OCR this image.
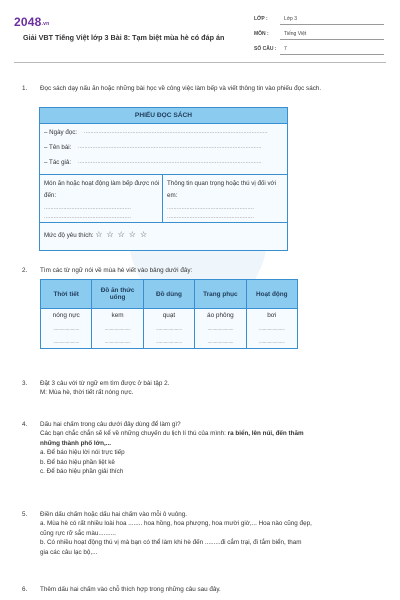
2048.vn
Giải VBT Tiếng Việt lớp 3 Bài 8: Tạm biệt mùa hè có đáp án
LỚP :	Lớp 3
MÔN :	Tiếng Việt
SỐ CÂU : 7
1. Đọc sách dạy nấu ăn hoặc những bài học về công việc làm bếp và viết thông tin vào phiếu đọc sách.
PHIẾU ĐỌC SÁCH
– Ngày đọc: ..................................................................................................................
– Tên bài: ..................................................................................................................
– Tác giả: ..................................................................................................................
Món ăn hoặc hoạt động làm bếp được nói đến:
Thông tin quan trọng hoặc thú vị đối với em:
......................................................	......................................................
......................................................	......................................................
Mức độ yêu thích: ☆☆☆☆☆
2. Tìm các từ ngữ nói về mùa hè viết vào bảng dưới đây:
Thời tiết	Đồ ăn thức uống	Đồ dùng	Trang phục	Hoạt động
nóng nực	kem	quạt	áo phông	bơi
.....................	.....................	.....................	.....................	.....................
.....................	.....................	.....................	.....................	.....................
3. Đặt 3 câu với từ ngữ em tìm được ở bài tập 2.

M: Mùa hè, thời tiết rất nóng nực.

4. Dấu hai chấm trong câu dưới đây dùng để làm gì?

Các bạn chắc chắn sẽ kể về những chuyến du lịch lí thú của mình: ra biển, lên núi, đến thăm

những thành phố lớn,...

a. Để báo hiệu lời nói trực tiếp

b. Để báo hiệu phần liệt kê

c. Để báo hiệu phần giải thích

5. Điền dấu chấm hoặc dấu hai chấm vào mỗi ô vuông.

a. Mùa hè có rất nhiều loài hoa ........ hoa hồng, hoa phượng, hoa mười giờ,... Hoa nào cũng đẹp,

cũng rực rỡ sắc màu..........

b. Có nhiều hoạt động thú vị mà bạn có thể làm khi hè đến .........đi cắm trại, đi tắm biển, tham

gia các câu lạc bộ,...

6. Thêm dấu hai chấm vào chỗ thích hợp trong những câu sau đây.
